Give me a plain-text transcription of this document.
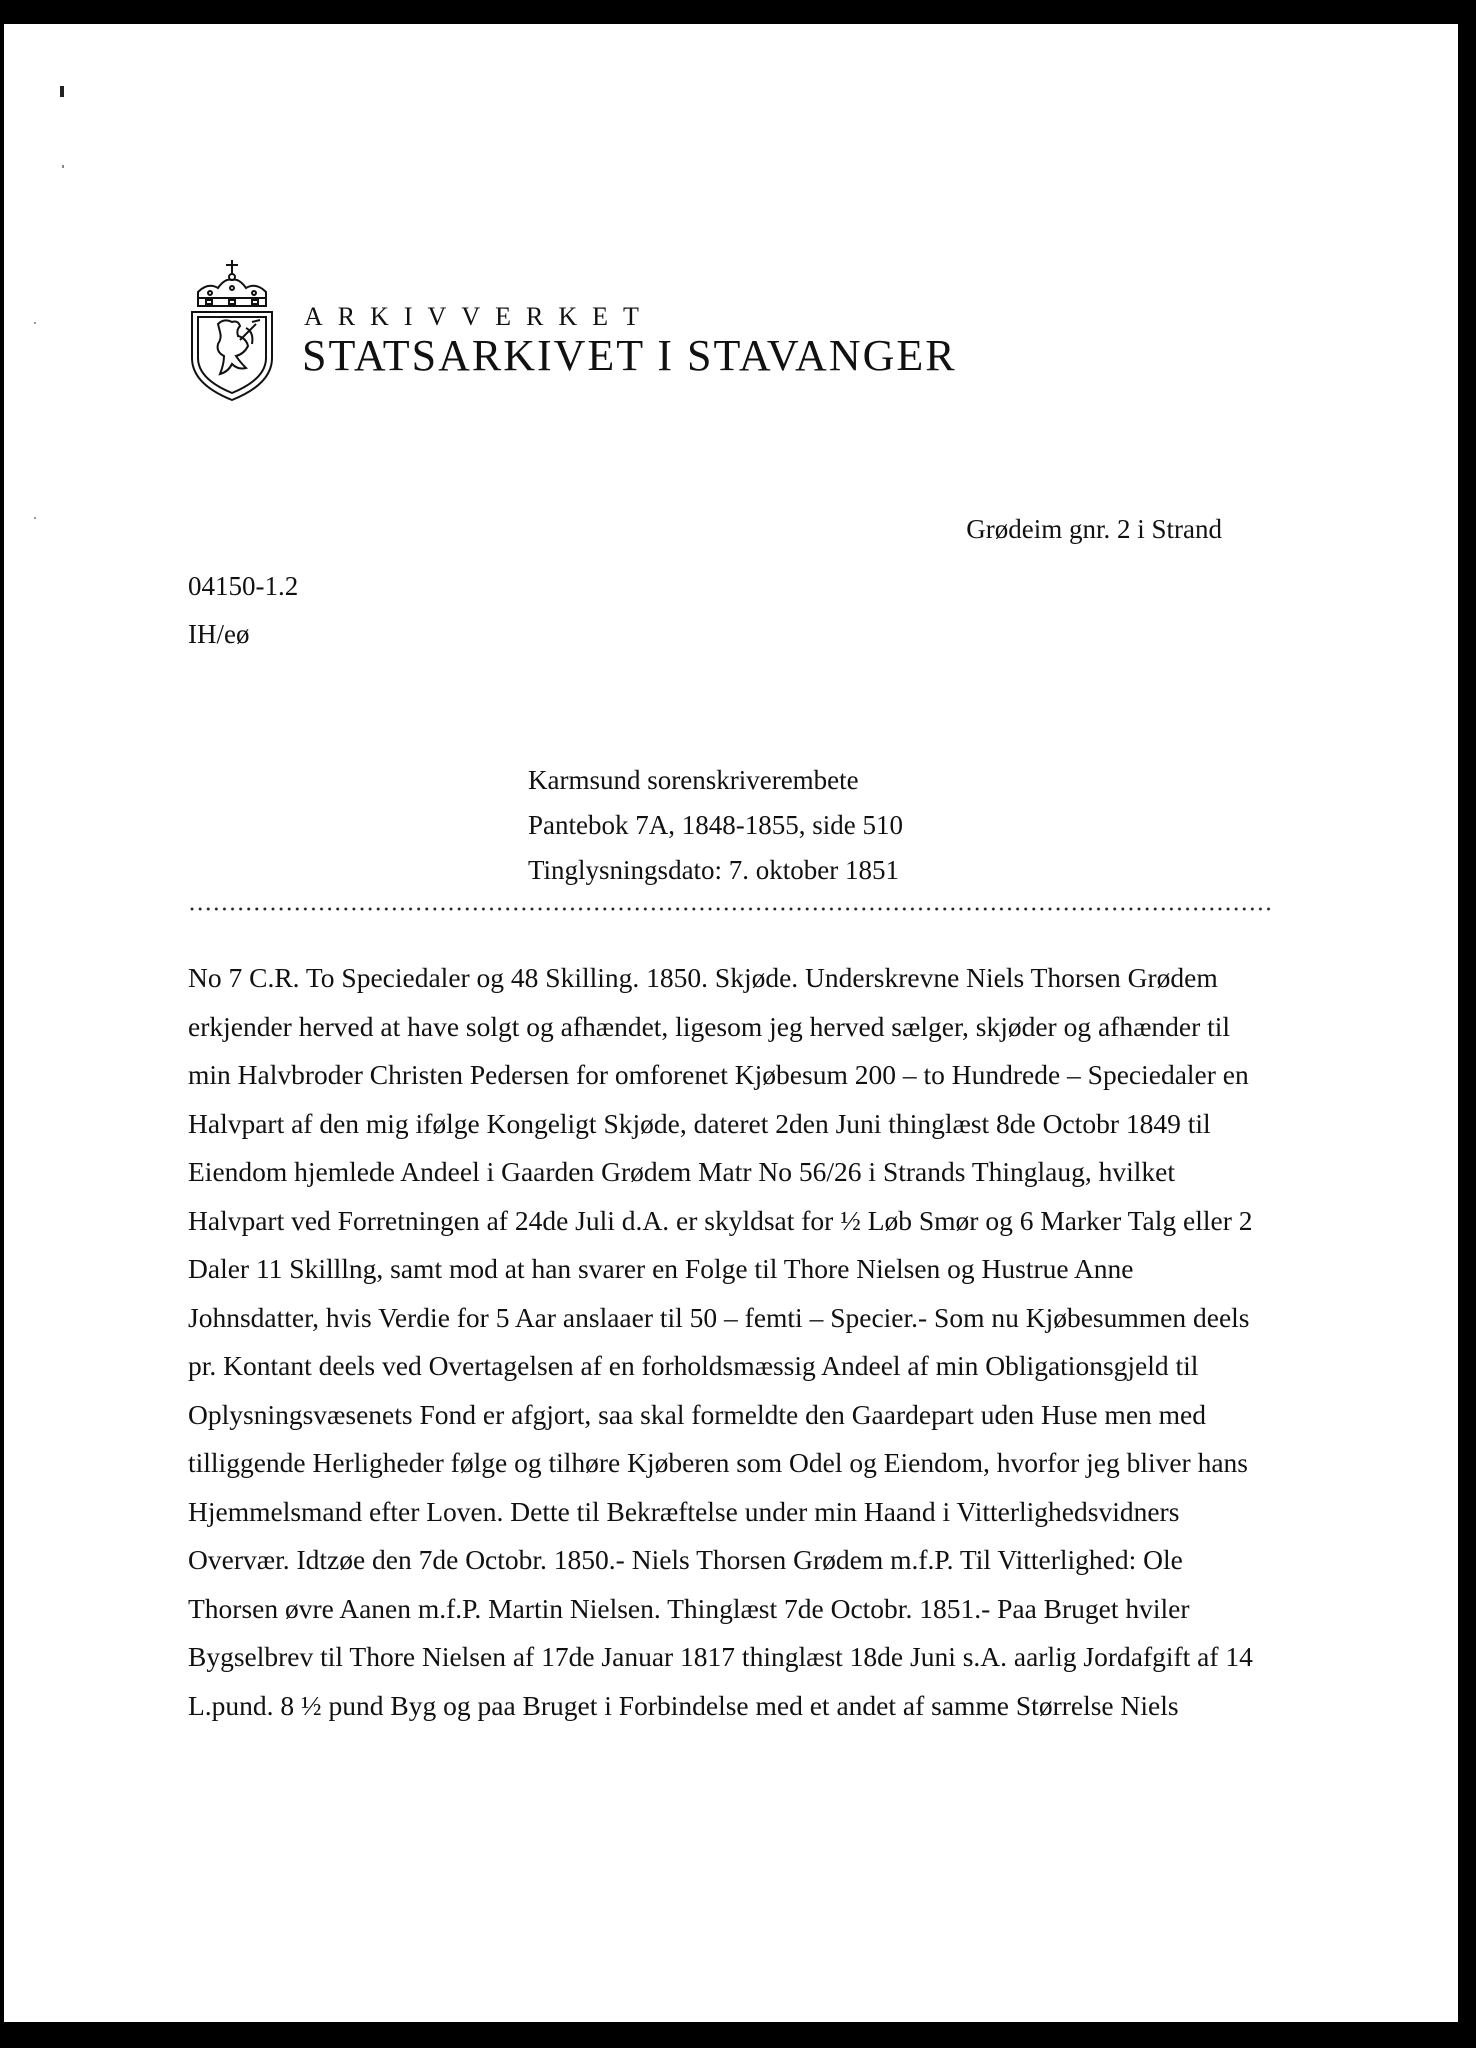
ARKIVVERKET
STATSARKIVET I STAVANGER
Grødeim gnr. 2 i Strand
04150-1.2
IH/eø
Karmsund sorenskriverembete
Pantebok 7A, 1848-1855, side 510
Tinglysningsdato: 7. oktober 1851
No 7 C.R. To Speciedaler og 48 Skilling. 1850. Skjøde. Underskrevne Niels Thorsen Grødem
erkjender herved at have solgt og afhændet, ligesom jeg herved sælger, skjøder og afhænder til
min Halvbroder Christen Pedersen for omforenet Kjøbesum 200 – to Hundrede – Speciedaler en
Halvpart af den mig ifølge Kongeligt Skjøde, dateret 2den Juni thinglæst 8de Octobr 1849 til
Eiendom hjemlede Andeel i Gaarden Grødem Matr No 56/26 i Strands Thinglaug, hvilket
Halvpart ved Forretningen af 24de Juli d.A. er skyldsat for ½ Løb Smør og 6 Marker Talg eller 2
Daler 11 Skilllng, samt mod at han svarer en Folge til Thore Nielsen og Hustrue Anne
Johnsdatter, hvis Verdie for 5 Aar anslaaer til 50 – femti – Specier.- Som nu Kjøbesummen deels
pr. Kontant deels ved Overtagelsen af en forholdsmæssig Andeel af min Obligationsgjeld til
Oplysningsvæsenets Fond er afgjort, saa skal formeldte den Gaardepart uden Huse men med
tilliggende Herligheder følge og tilhøre Kjøberen som Odel og Eiendom, hvorfor jeg bliver hans
Hjemmelsmand efter Loven. Dette til Bekræftelse under min Haand i Vitterlighedsvidners
Overvær. Idtzøe den 7de Octobr. 1850.- Niels Thorsen Grødem m.f.P. Til Vitterlighed: Ole
Thorsen øvre Aanen m.f.P. Martin Nielsen. Thinglæst 7de Octobr. 1851.- Paa Bruget hviler
Bygselbrev til Thore Nielsen af 17de Januar 1817 thinglæst 18de Juni s.A. aarlig Jordafgift af 14
L.pund. 8 ½ pund Byg og paa Bruget i Forbindelse med et andet af samme Størrelse Niels
